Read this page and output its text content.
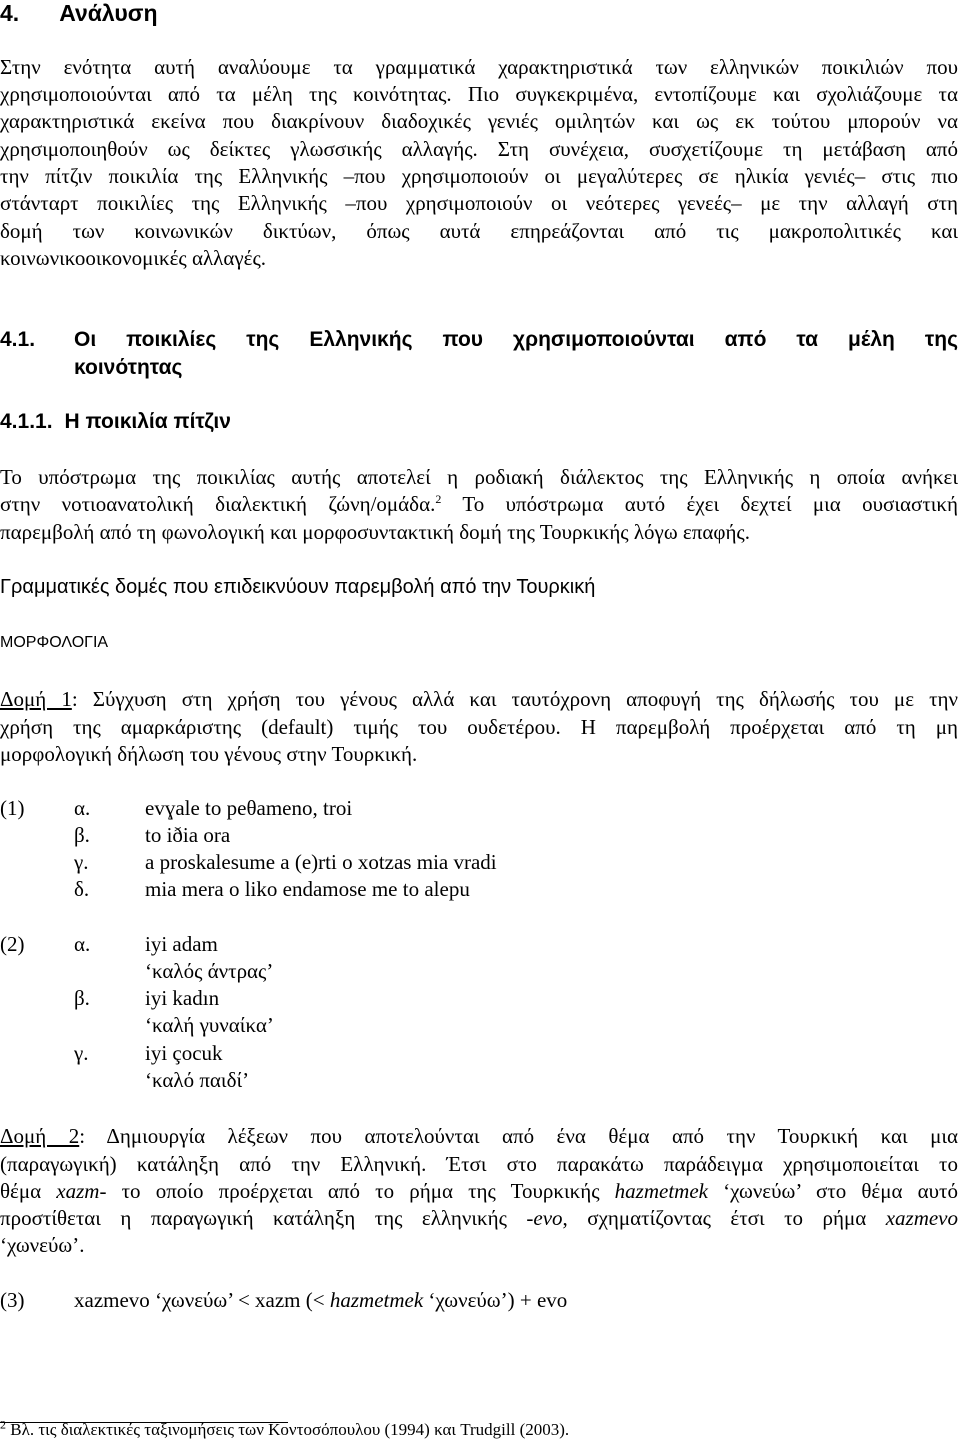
4. Ανάλυση
Στην ενότητα αυτή αναλύουμε τα γραμματικά χαρακτηριστικά των ελληνικών ποικιλιών που
χρησιμοποιούνται από τα μέλη της κοινότητας. Πιο συγκεκριμένα, εντοπίζουμε και σχολιάζουμε τα
χαρακτηριστικά εκείνα που διακρίνουν διαδοχικές γενιές ομιλητών και ως εκ τούτου μπορούν να
χρησιμοποιηθούν ως δείκτες γλωσσικής αλλαγής. Στη συνέχεια, συσχετίζουμε τη μετάβαση από
την πίτζιν ποικιλία της Ελληνικής –που χρησιμοποιούν οι μεγαλύτερες σε ηλικία γενιές– στις πιο
στάνταρτ ποικιλίες της Ελληνικής –που χρησιμοποιούν οι νεότερες γενεές– με την αλλαγή στη
δομή των κοινωνικών δικτύων, όπως αυτά επηρεάζονται από τις μακροπολιτικές και
κοινωνικοοικονομικές αλλαγές.
4.1. Οι ποικιλίες της Ελληνικής που χρησιμοποιούνται από τα μέλη της
κοινότητας
4.1.1. Η ποικιλία πίτζιν
Το υπόστρωμα της ποικιλίας αυτής αποτελεί η ροδιακή διάλεκτος της Ελληνικής η οποία ανήκει
στην νοτιοανατολική διαλεκτική ζώνη/ομάδα.$^2$ Το υπόστρωμα αυτό έχει δεχτεί μια ουσιαστική
παρεμβολή από τη φωνολογική και μορφοσυντακτική δομή της Τουρκικής λόγω επαφής.
Γραμματικές δομές που επιδεικνύουν παρεμβολή από την Τουρκική
ΜΟΡΦΟΛΟΓΙΑ
Δομή 1: Σύγχυση στη χρήση του γένους αλλά και ταυτόχρονη αποφυγή της δήλωσής του με την
χρήση της αμαρκάριστης (default) τιμής του ουδετέρου. Η παρεμβολή προέρχεται από τη μη
μορφολογική δήλωση του γένους στην Τουρκική.
(1) α.	evɣale to peθameno, troi
β.	to iðia ora
γ.	a proskalesume a (e)rti o xotzas mia vradi
δ.	mia mera o liko endamose me to alepu
(2) α.	iyi adam
‘καλός άντρας’
β.	iyi kadın
‘καλή γυναίκα’
γ.	iyi çocuk
‘καλό παιδί’
Δομή 2: Δημιουργία λέξεων που αποτελούνται από ένα θέμα από την Τουρκική και μια
(παραγωγική) κατάληξη από την Ελληνική. Έτσι στο παρακάτω παράδειγμα χρησιμοποιείται το
θέμα xazm- το οποίο προέρχεται από το ρήμα της Τουρκικής hazmetmek ‘χωνεύω’ στο θέμα αυτό
προστίθεται η παραγωγική κατάληξη της ελληνικής -evo, σχηματίζοντας έτσι το ρήμα xazmevo
‘χωνεύω’.
(3) xazmevo ‘χωνεύω’ < xazm (< hazmetmek ‘χωνεύω’) + evo
$^2$ Βλ. τις διαλεκτικές ταξινομήσεις των Κοντοσόπουλου (1994) και Trudgill (2003).
